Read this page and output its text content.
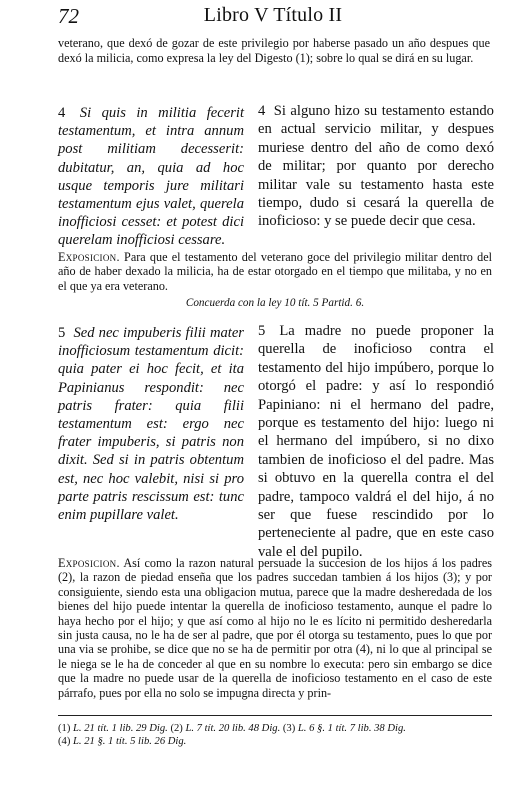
72	Libro V Título II
veterano, que dexó de gozar de este privilegio por haberse pasado un año despues que dexó la milicia, como expresa la ley del Digesto (1); sobre lo qual se dirá en su lugar.
4 Si quis in militia fecerit testamentum, et intra annum post militiam decesserit: dubitatur, an, quia ad hoc usque temporis jure militari testamentum ejus valet, querela inofficiosi cesset: et potest dici querelam inofficiosi cessare.
4 Si alguno hizo su testamento estando en actual servicio militar, y despues muriese dentro del año de como dexó de militar; por quanto por derecho militar vale su testamento hasta este tiempo, dudo si cesará la querella de inoficioso: y se puede decir que cesa.
Exposicion. Para que el testamento del veterano goce del privilegio militar dentro del año de haber dexado la milicia, ha de estar otorgado en el tiempo que militaba, y no en el que ya era veterano.
Concuerda con la ley 10 tít. 5 Partid. 6.
5 Sed nec impuberis filii mater inofficiosum testamentum dicit: quia pater ei hoc fecit, et ita Papinianus respondit: nec patris frater: quia filii testamentum est: ergo nec frater impuberis, si patris non dixit. Sed si in patris obtentum est, nec hoc valebit, nisi si pro parte patris rescissum est: tunc enim pupillare valet.
5 La madre no puede proponer la querella de inoficioso contra el testamento del hijo impúbero, porque lo otorgó el padre: y así lo respondió Papiniano: ni el hermano del padre, porque es testamento del hijo: luego ni el hermano del impúbero, si no dixo tambien de inoficioso el del padre. Mas si obtuvo en la querella contra el del padre, tampoco valdrá el del hijo, á no ser que fuese rescindido por lo perteneciente al padre, que en este caso vale el del pupilo.
Exposicion. Así como la razon natural persuade la succesion de los hijos á los padres (2), la razon de piedad enseña que los padres succedan tambien á los hijos (3); y por consiguiente, siendo esta una obligacion mutua, parece que la madre desheredada de los bienes del hijo puede intentar la querella de inoficioso testamento, aunque el padre lo haya hecho por el hijo; y que así como al hijo no le es lícito ni permitido desheredarla sin justa causa, no le ha de ser al padre, que por él otorga su testamento, pues lo que por una via se prohibe, se dice que no se ha de permitir por otra (4), ni lo que al principal se le niega se le ha de conceder al que en su nombre lo executa: pero sin embargo se dice que la madre no puede usar de la querella de inoficioso testamento en el caso de este párrafo, pues por ella no solo se impugna directa y prin-
(1) L. 21 tít. 1 lib. 29 Dig. (2) L. 7 tít. 20 lib. 48 Dig. (3) L. 6 §. 1 tít. 7 lib. 38 Dig.
(4) L. 21 §. 1 tít. 5 lib. 26 Dig.
